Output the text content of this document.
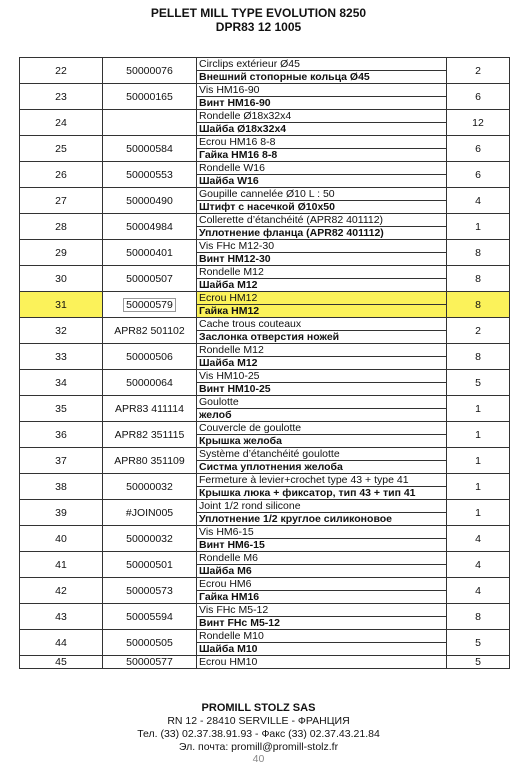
PELLET MILL TYPE EVOLUTION 8250
DPR83 12 1005
22	50000076	Circlips extérieur Ø45	2
		Внешний стопорные кольца Ø45	
23	50000165	Vis HM16-90	6
		Винт HM16-90	
24		Rondelle Ø18x32x4	12
		Шайба Ø18x32x4	
25	50000584	Ecrou HM16 8-8	6
		Гайка HM16 8-8	
26	50000553	Rondelle W16	6
		Шайба W16	
27	50000490	Goupille cannelée Ø10 L : 50	4
		Штифт с насечкой Ø10x50	
28	50004984	Collerette d’étanchéité (APR82 401112)	1
		Уплотнение фланца (APR82 401112)	
29	50000401	Vis FHc M12-30	8
		Винт HM12-30	
30	50000507	Rondelle M12	8
		Шайба M12	
31	50000579	Ecrou HM12	8
		Гайка HM12	
32	APR82 501102	Cache trous couteaux	2
		Заслонка отверстия ножей	
33	50000506	Rondelle M12	8
		Шайба M12	
34	50000064	Vis HM10-25	5
		Винт HM10-25	
35	APR83 411114	Goulotte	1
		желоб	
36	APR82 351115	Couvercle de goulotte	1
		Крышка желоба	
37	APR80 351109	Système d’étanchéité goulotte	1
		Систма уплотнения желоба	
38	50000032	Fermeture à levier+crochet type 43 + type 41	1
		Крышка люка + фиксатор, тип 43 + тип 41	
39	#JOIN005	Joint 1/2 rond silicone	1
		Уплотнение 1/2 круглое силиконовое	
40	50000032	Vis HM6-15	4
		Винт HM6-15	
41	50000501	Rondelle M6	4
		Шайба M6	
42	50000573	Ecrou HM6	4
		Гайка HM16	
43	50005594	Vis FHc M5-12	8
		Винт FHc M5-12	
44	50000505	Rondelle M10	5
		Шайба M10	
45	50000577	Ecrou HM10	5
PROMILL STOLZ SAS
RN 12 - 28410 SERVILLE - ФРАНЦИЯ
Тел. (33) 02.37.38.91.93 - Факс (33) 02.37.43.21.84
Эл. почта: promill@promill-stolz.fr
40
